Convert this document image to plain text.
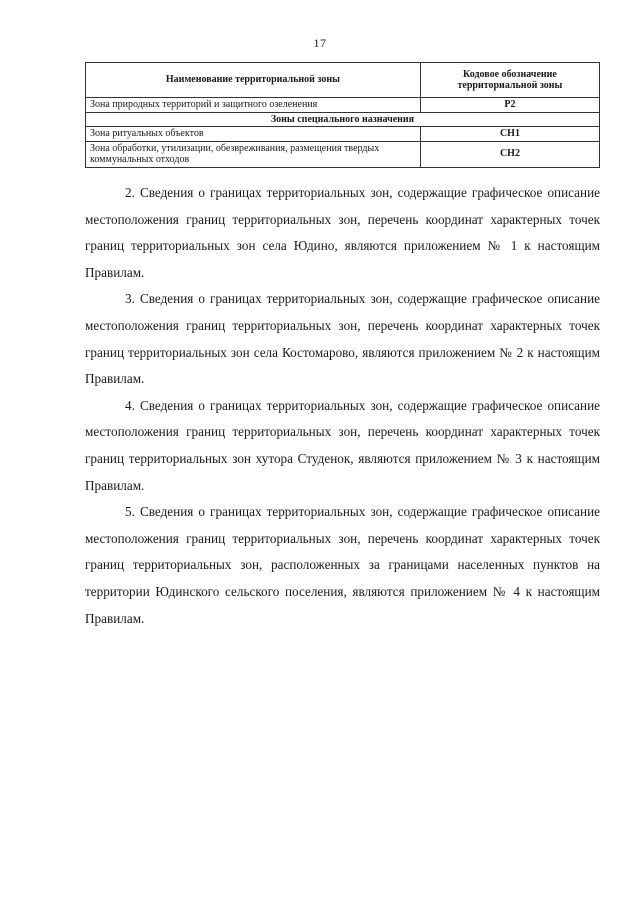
17
Наименование территориальной зоны	Кодовое обозначение территориальной зоны
Зона природных территорий и защитного озеленения	Р2
Зоны специального назначения	
Зона ритуальных объектов	СН1
Зона обработки, утилизации, обезвреживания, размещения твердых коммунальных отходов	СН2

2. Сведения о границах территориальных зон, содержащие графическое описание местоположения границ территориальных зон, перечень координат характерных точек границ территориальных зон села Юдино, являются приложением № 1 к настоящим Правилам.

3. Сведения о границах территориальных зон, содержащие графическое описание местоположения границ территориальных зон, перечень координат характерных точек границ территориальных зон села Костомарово, являются приложением № 2 к настоящим Правилам.

4. Сведения о границах территориальных зон, содержащие графическое описание местоположения границ территориальных зон, перечень координат характерных точек границ территориальных зон хутора Студенок, являются приложением № 3 к настоящим Правилам.

5. Сведения о границах территориальных зон, содержащие графическое описание местоположения границ территориальных зон, перечень координат характерных точек границ территориальных зон, расположенных за границами населенных пунктов на территории Юдинского сельского поселения, являются приложением № 4 к настоящим Правилам.
